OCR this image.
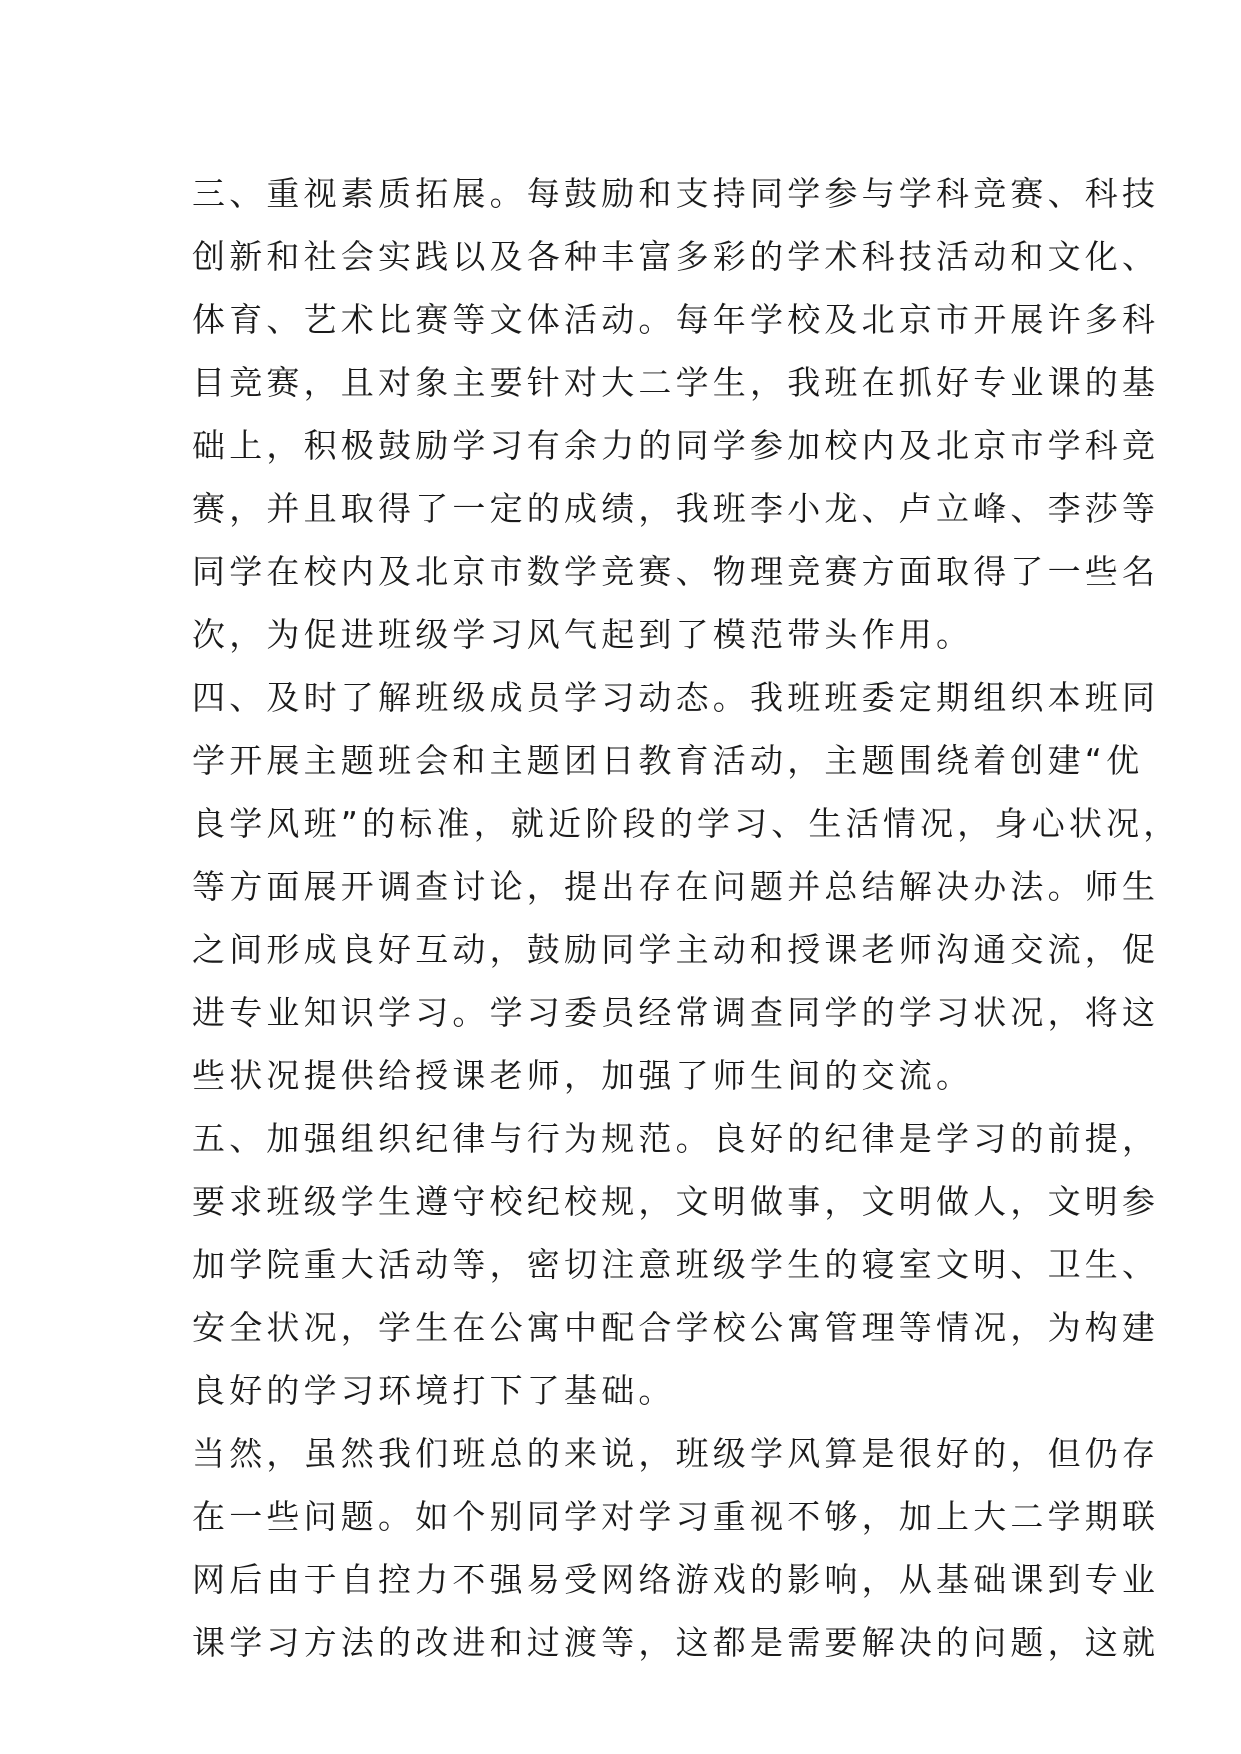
三、重视素质拓展。每鼓励和支持同学参与学科竞赛、科技
创新和社会实践以及各种丰富多彩的学术科技活动和文化、
体育、艺术比赛等文体活动。每年学校及北京市开展许多科
目竞赛，且对象主要针对大二学生，我班在抓好专业课的基
础上，积极鼓励学习有余力的同学参加校内及北京市学科竞
赛，并且取得了一定的成绩，我班李小龙、卢立峰、李莎等
同学在校内及北京市数学竞赛、物理竞赛方面取得了一些名
次，为促进班级学习风气起到了模范带头作用。
四、及时了解班级成员学习动态。我班班委定期组织本班同
学开展主题班会和主题团日教育活动，主题围绕着创建“优
良学风班”的标准，就近阶段的学习、生活情况，身心状况，
等方面展开调查讨论，提出存在问题并总结解决办法。师生
之间形成良好互动，鼓励同学主动和授课老师沟通交流，促
进专业知识学习。学习委员经常调查同学的学习状况，将这
些状况提供给授课老师，加强了师生间的交流。
五、加强组织纪律与行为规范。良好的纪律是学习的前提，
要求班级学生遵守校纪校规，文明做事，文明做人，文明参
加学院重大活动等，密切注意班级学生的寝室文明、卫生、
安全状况，学生在公寓中配合学校公寓管理等情况，为构建
良好的学习环境打下了基础。
当然，虽然我们班总的来说，班级学风算是很好的，但仍存
在一些问题。如个别同学对学习重视不够，加上大二学期联
网后由于自控力不强易受网络游戏的影响，从基础课到专业
课学习方法的改进和过渡等，这都是需要解决的问题，这就
